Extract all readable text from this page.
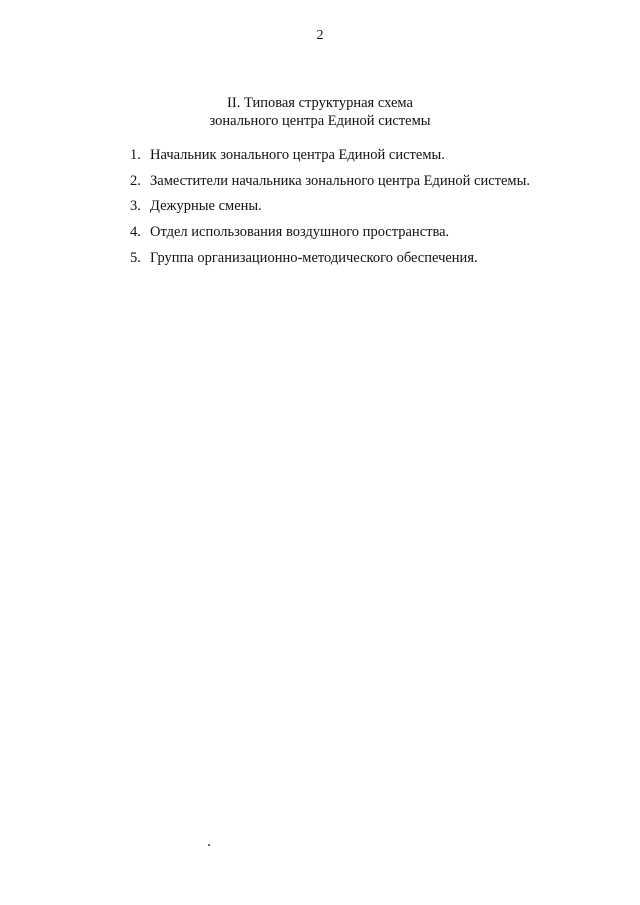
2
II. Типовая структурная схема
зонального центра Единой системы
1. Начальник зонального центра Единой системы.
2. Заместители начальника зонального центра Единой системы.
3. Дежурные смены.
4. Отдел использования воздушного пространства.
5. Группа организационно-методического обеспечения.
